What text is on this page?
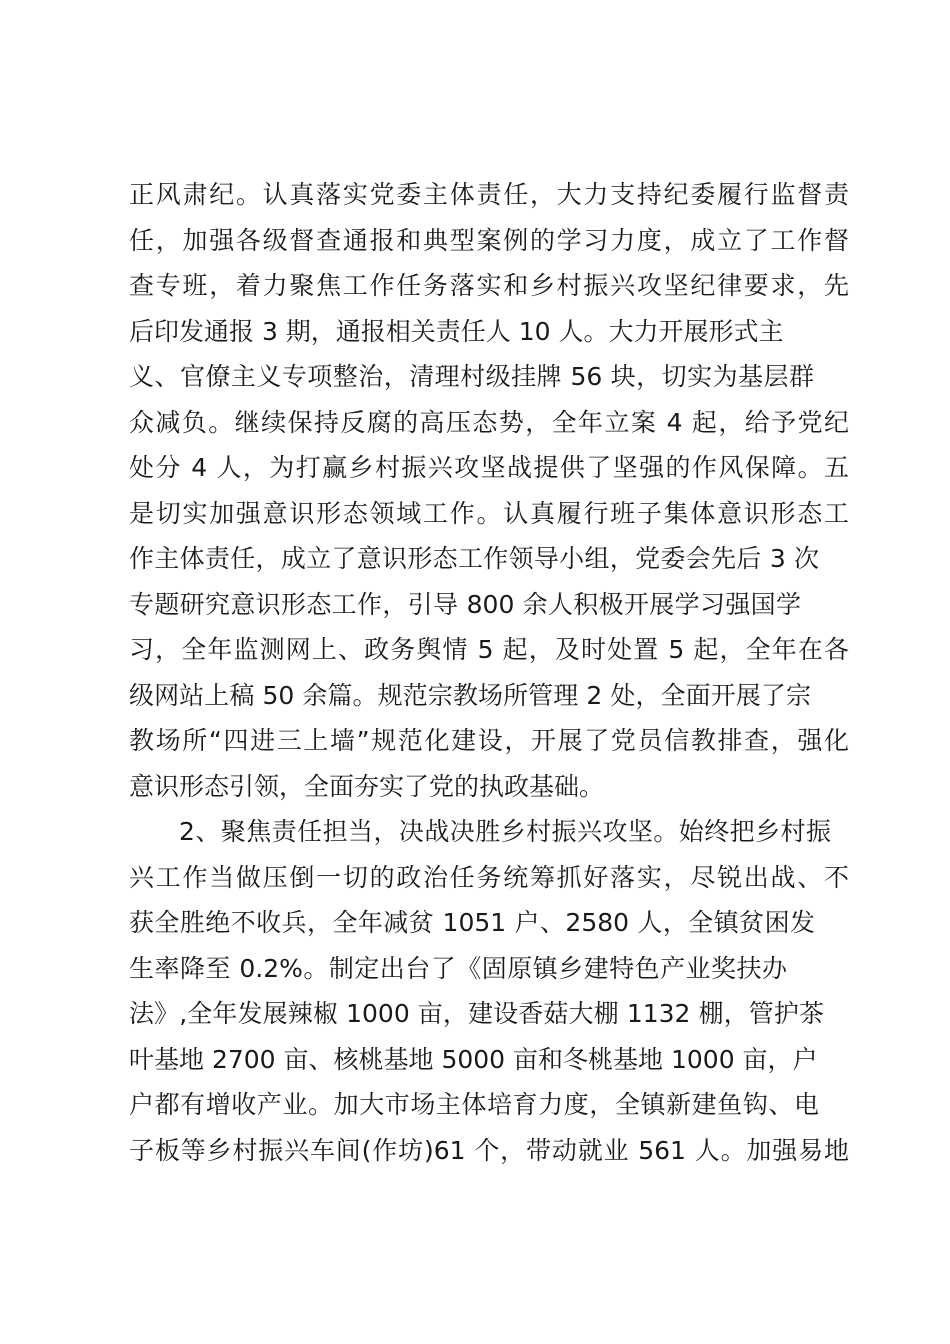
正风肃纪。认真落实党委主体责任，大力支持纪委履行监督责
任，加强各级督查通报和典型案例的学习力度，成立了工作督
查专班，着力聚焦工作任务落实和乡村振兴攻坚纪律要求，先
后印发通报 3 期，通报相关责任人 10 人。大力开展形式主
义、官僚主义专项整治，清理村级挂牌 56 块，切实为基层群
众减负。继续保持反腐的高压态势，全年立案 4 起，给予党纪
处分 4 人，为打赢乡村振兴攻坚战提供了坚强的作风保障。五
是切实加强意识形态领域工作。认真履行班子集体意识形态工
作主体责任，成立了意识形态工作领导小组，党委会先后 3 次
专题研究意识形态工作，引导 800 余人积极开展学习强国学
习，全年监测网上、政务舆情 5 起，及时处置 5 起，全年在各
级网站上稿 50 余篇。规范宗教场所管理 2 处，全面开展了宗
教场所“四进三上墙”规范化建设，开展了党员信教排查，强化
意识形态引领，全面夯实了党的执政基础。
2、聚焦责任担当，决战决胜乡村振兴攻坚。始终把乡村振
兴工作当做压倒一切的政治任务统筹抓好落实，尽锐出战、不
获全胜绝不收兵，全年减贫 1051 户、2580 人，全镇贫困发
生率降至 0.2%。制定出台了《固原镇乡建特色产业奖扶办
法》,全年发展辣椒 1000 亩，建设香菇大棚 1132 棚，管护茶
叶基地 2700 亩、核桃基地 5000 亩和冬桃基地 1000 亩，户
户都有增收产业。加大市场主体培育力度，全镇新建鱼钩、电
子板等乡村振兴车间(作坊)61 个，带动就业 561 人。加强易地
